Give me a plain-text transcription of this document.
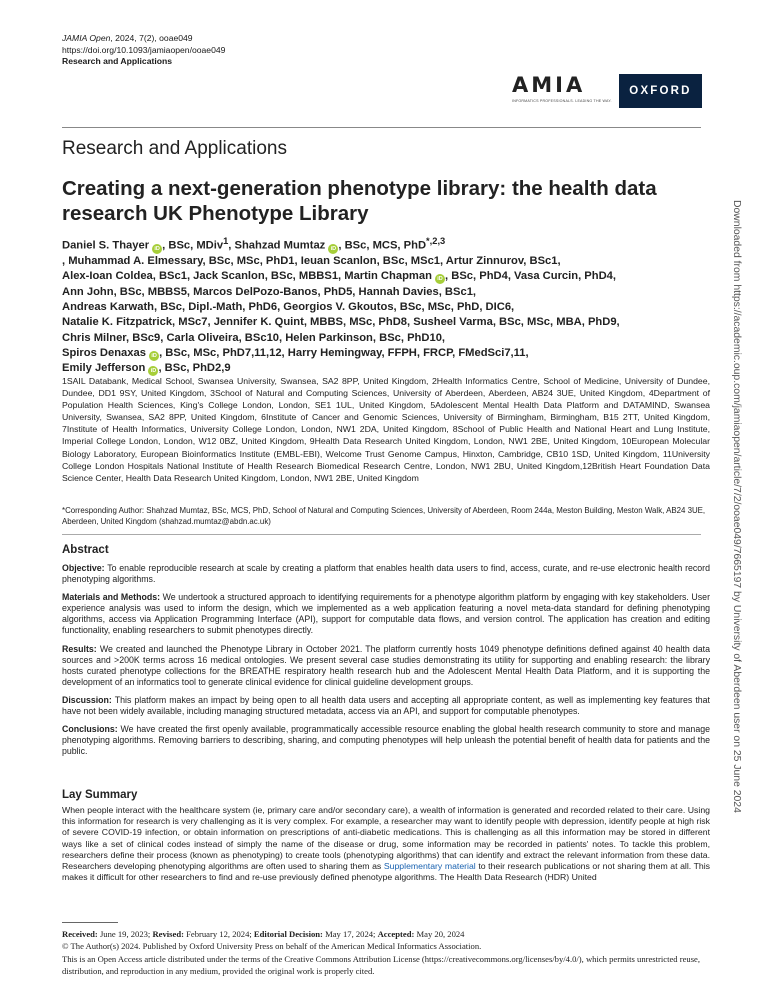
JAMIA Open, 2024, 7(2), ooae049
https://doi.org/10.1093/jamiaopen/ooae049
Research and Applications
AMIA
INFORMATICS PROFESSIONALS. LEADING THE WAY.
OXFORD
Research and Applications
Creating a next-generation phenotype library: the health data research UK Phenotype Library
Daniel S. Thayer iD , BSc, MDiv$^1$, Shahzad Mumtaz iD , BSc, MCS, PhD$^{*,2,3}$
, Muhammad A. Elmessary, BSc, MSc, PhD1, Ieuan Scanlon, BSc, MSc1, Artur Zinnurov, BSc1,
Alex-Ioan Coldea, BSc1, Jack Scanlon, BSc, MBBS1, Martin Chapman iD , BSc, PhD4, Vasa Curcin, PhD4,
Ann John, BSc, MBBS5, Marcos DelPozo-Banos, PhD5, Hannah Davies, BSc1,
Andreas Karwath, BSc, Dipl.-Math, PhD6, Georgios V. Gkoutos, BSc, MSc, PhD, DIC6,
Natalie K. Fitzpatrick, MSc7, Jennifer K. Quint, MBBS, MSc, PhD8, Susheel Varma, BSc, MSc, MBA, PhD9,
Chris Milner, BSc9, Carla Oliveira, BSc10, Helen Parkinson, BSc, PhD10,
Spiros Denaxas iD , BSc, MSc, PhD7,11,12, Harry Hemingway, FFPH, FRCP, FMedSci7,11,
Emily Jefferson iD , BSc, PhD2,9
1SAIL Databank, Medical School, Swansea University, Swansea, SA2 8PP, United Kingdom, 2Health Informatics Centre, School of Medicine, University of Dundee, Dundee, DD1 9SY, United Kingdom, 3School of Natural and Computing Sciences, University of Aberdeen, Aberdeen, AB24 3UE, United Kingdom, 4Department of Population Health Sciences, King's College London, London, SE1 1UL, United Kingdom, 5Adolescent Mental Health Data Platform and DATAMIND, Swansea University, Swansea, SA2 8PP, United Kingdom, 6Institute of Cancer and Genomic Sciences, University of Birmingham, Birmingham, B15 2TT, United Kingdom, 7Institute of Health Informatics, University College London, London, NW1 2DA, United Kingdom, 8School of Public Health and National Heart and Lung Institute, Imperial College London, London, W12 0BZ, United Kingdom, 9Health Data Research United Kingdom, London, NW1 2BE, United Kingdom, 10European Molecular Biology Laboratory, European Bioinformatics Institute (EMBL-EBI), Welcome Trust Genome Campus, Hinxton, Cambridge, CB10 1SD, United Kingdom, 11University College London Hospitals National Institute of Health Research Biomedical Research Centre, London, NW1 2BU, United Kingdom,12British Heart Foundation Data Science Center, Health Data Research United Kingdom, London, NW1 2BE, United Kingdom
*Corresponding Author: Shahzad Mumtaz, BSc, MCS, PhD, School of Natural and Computing Sciences, University of Aberdeen, Room 244a, Meston Building, Meston Walk, AB24 3UE, Aberdeen, United Kingdom (shahzad.mumtaz@abdn.ac.uk)
Abstract

Objective: To enable reproducible research at scale by creating a platform that enables health data users to find, access, curate, and re-use electronic health record phenotyping algorithms.

Materials and Methods: We undertook a structured approach to identifying requirements for a phenotype algorithm platform by engaging with key stakeholders. User experience analysis was used to inform the design, which we implemented as a web application featuring a novel meta-data standard for defining phenotyping algorithms, access via Application Programming Interface (API), support for computable data flows, and version control. The application has creation and editing functionality, enabling researchers to submit phenotypes directly.

Results: We created and launched the Phenotype Library in October 2021. The platform currently hosts 1049 phenotype definitions defined against 40 health data sources and >200K terms across 16 medical ontologies. We present several case studies demonstrating its utility for supporting and enabling research: the library hosts curated phenotype collections for the BREATHE respiratory health research hub and the Adolescent Mental Health Data Platform, and it is supporting the development of an informatics tool to generate clinical evidence for clinical guideline development groups.

Discussion: This platform makes an impact by being open to all health data users and accepting all appropriate content, as well as implementing key features that have not been widely available, including managing structured metadata, access via an API, and support for computable phenotypes.

Conclusions: We have created the first openly available, programmatically accessible resource enabling the global health research community to store and manage phenotyping algorithms. Removing barriers to describing, sharing, and computing phenotypes will help unleash the potential benefit of health data for patients and the public.

Lay Summary
When people interact with the healthcare system (ie, primary care and/or secondary care), a wealth of information is generated and recorded related to their care. Using this information for research is very challenging as it is very complex. For example, a researcher may want to identify people with depression, identify people at high risk of severe COVID-19 infection, or obtain information on prescriptions of anti-diabetic medications. This is challenging as all this information may be stored in different ways like a set of clinical codes instead of simply the name of the disease or drug, some information may be recorded in patients' notes. To tackle this problem, researchers define their process (known as phenotyping) to create tools (phenotyping algorithms) that can identify and extract the relevant information from these data. Researchers developing phenotyping algorithms are often used to sharing them as Supplementary material to their research publications or not sharing them at all. This makes it difficult for other researchers to find and re-use previously defined phenotype algorithms. The Health Data Research (HDR) United
Received: June 19, 2023; Revised: February 12, 2024; Editorial Decision: May 17, 2024; Accepted: May 20, 2024
© The Author(s) 2024. Published by Oxford University Press on behalf of the American Medical Informatics Association.
This is an Open Access article distributed under the terms of the Creative Commons Attribution License (https://creativecommons.org/licenses/by/4.0/), which permits unrestricted reuse, distribution, and reproduction in any medium, provided the original work is properly cited.
Downloaded from https://academic.oup.com/jamiaopen/article/7/2/ooae049/7665197 by University of Aberdeen user on 25 June 2024
